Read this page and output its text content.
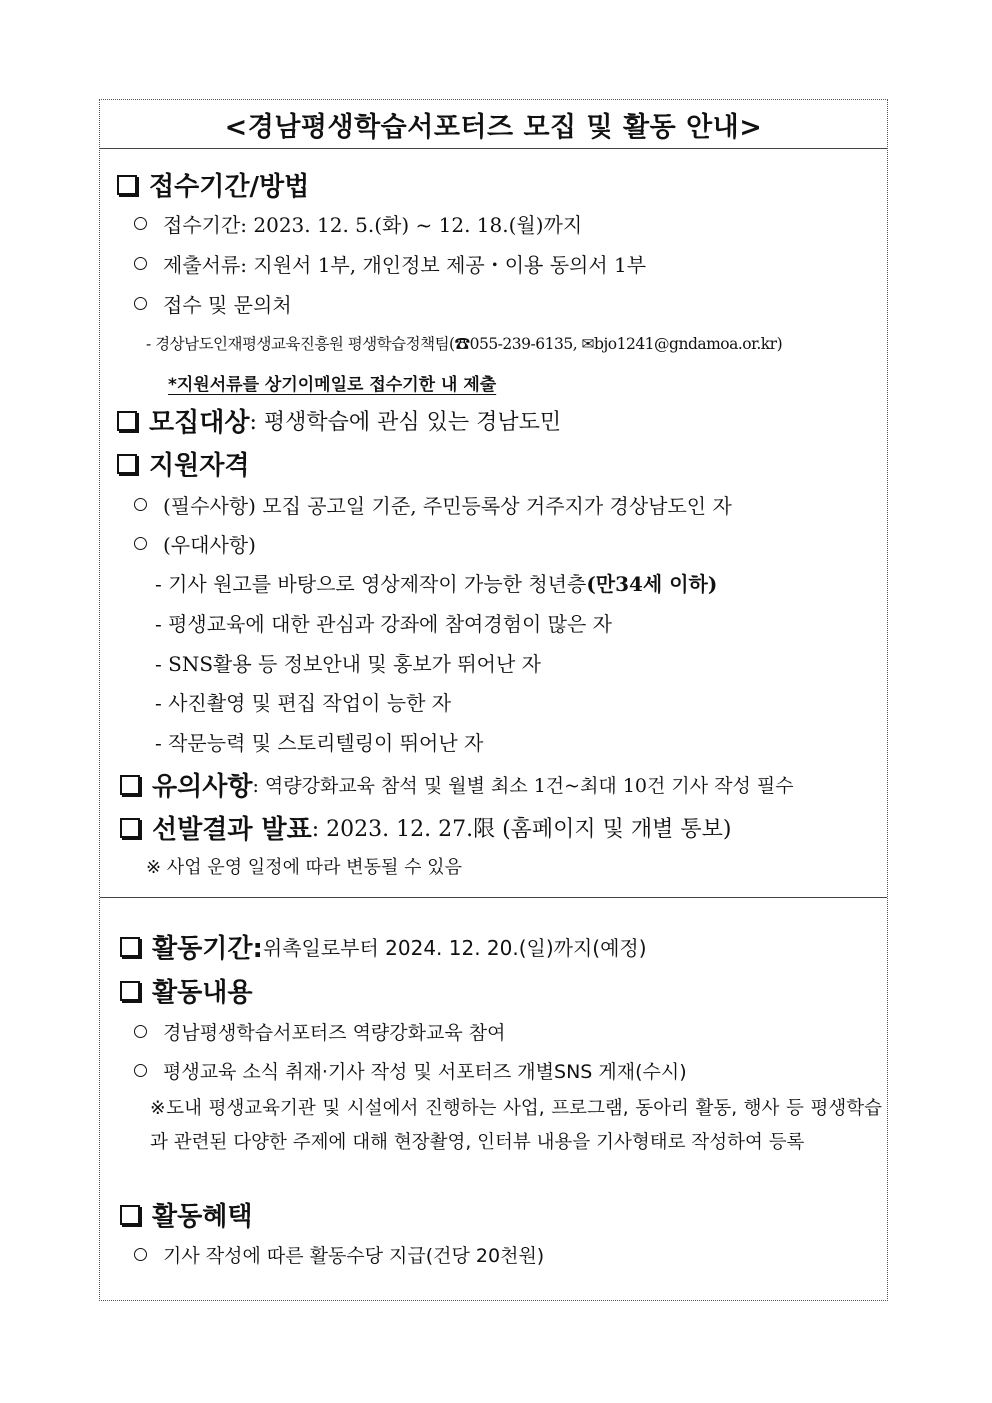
<경남평생학습서포터즈 모집 및 활동 안내>
접수기간/방법
접수기간: 2023. 12. 5.(화) ~ 12. 18.(월)까지
제출서류: 지원서 1부, 개인정보 제공・이용 동의서 1부
접수 및 문의처
- 경상남도인재평생교육진흥원 평생학습정책팀(☎055-239-6135, ✉bjo1241@gndamoa.or.kr)
*지원서류를 상기이메일로 접수기한 내 제출
모집대상 : 평생학습에 관심 있는 경남도민
지원자격
(필수사항) 모집 공고일 기준, 주민등록상 거주지가 경상남도인 자
(우대사항)
- 기사 원고를 바탕으로 영상제작이 가능한 청년층(만34세 이하)
- 평생교육에 대한 관심과 강좌에 참여경험이 많은 자
- SNS활용 등 정보안내 및 홍보가 뛰어난 자
- 사진촬영 및 편집 작업이 능한 자
- 작문능력 및 스토리텔링이 뛰어난 자
유의사항 : 역량강화교육 참석 및 월별 최소 1건~최대 10건 기사 작성 필수
선발결과 발표 : 2023. 12. 27.限 (홈페이지 및 개별 통보)
※ 사업 운영 일정에 따라 변동될 수 있음
활동기간: 위촉일로부터 2024. 12. 20.(일)까지(예정)
활동내용
경남평생학습서포터즈 역량강화교육 참여
평생교육 소식 취재·기사 작성 및 서포터즈 개별SNS 게재(수시)
※도내 평생교육기관 및 시설에서 진행하는 사업, 프로그램, 동아리 활동, 행사 등 평생학습과 관련된 다양한 주제에 대해 현장촬영, 인터뷰 내용을 기사형태로 작성하여 등록
활동혜택
기사 작성에 따른 활동수당 지급(건당 20천원)
